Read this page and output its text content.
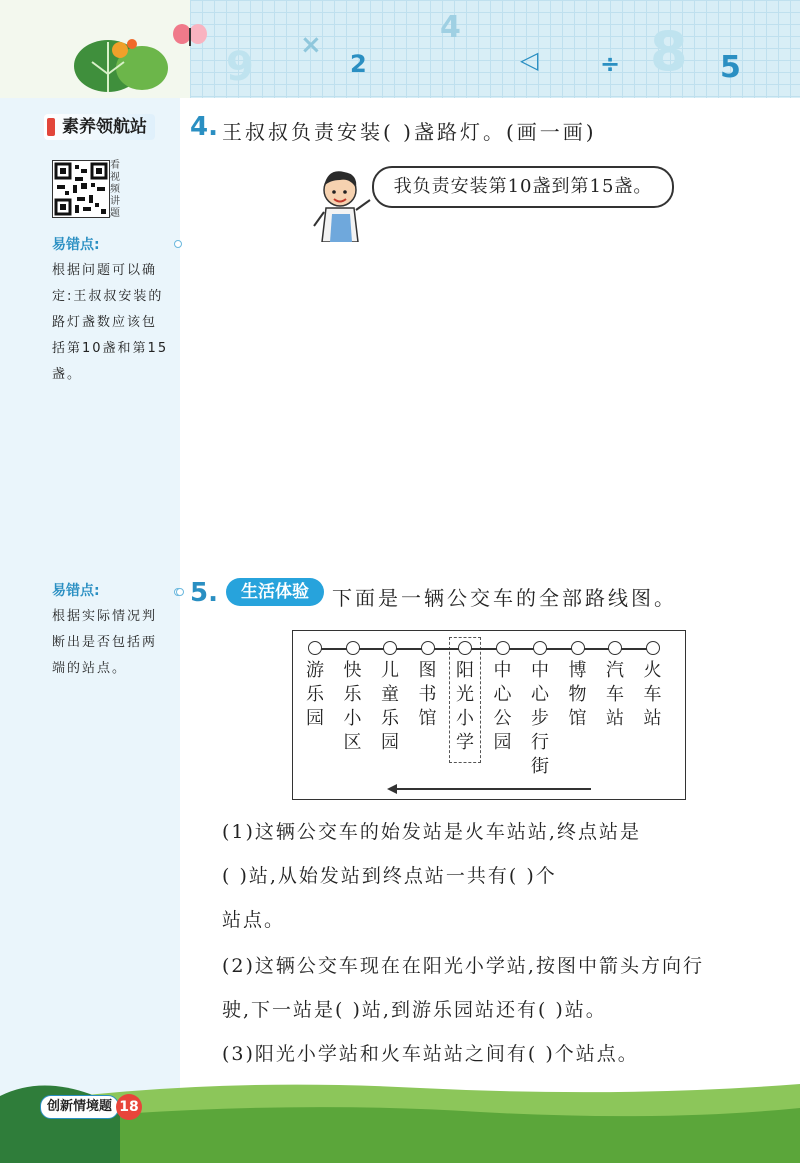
9 ×
2
4
◁	÷ 8 5
素养领航站
看视频讲题
易错点:
根据问题可以确定:王叔叔安装的路灯盏数应该包括第10盏和第15盏。
易错点:
根据实际情况判断出是否包括两端的站点。
4. 王叔叔负责安装( )盏路灯。(画一画)
我负责安装第10盏到第15盏。
5.	生活体验	下面是一辆公交车的全部路线图。
游乐园
快乐小区
儿童乐园
图书馆
阳光小学
中心公园
中心步行街
博物馆
汽车站
火车站
(1)这辆公交车的始发站是火车站站,终点站是
( )站,从始发站到终点站一共有( )个
站点。
(2)这辆公交车现在在阳光小学站,按图中箭头方向行
驶,下一站是( )站,到游乐园站还有( )站。
(3)阳光小学站和火车站站之间有( )个站点。
创新情境题 18
